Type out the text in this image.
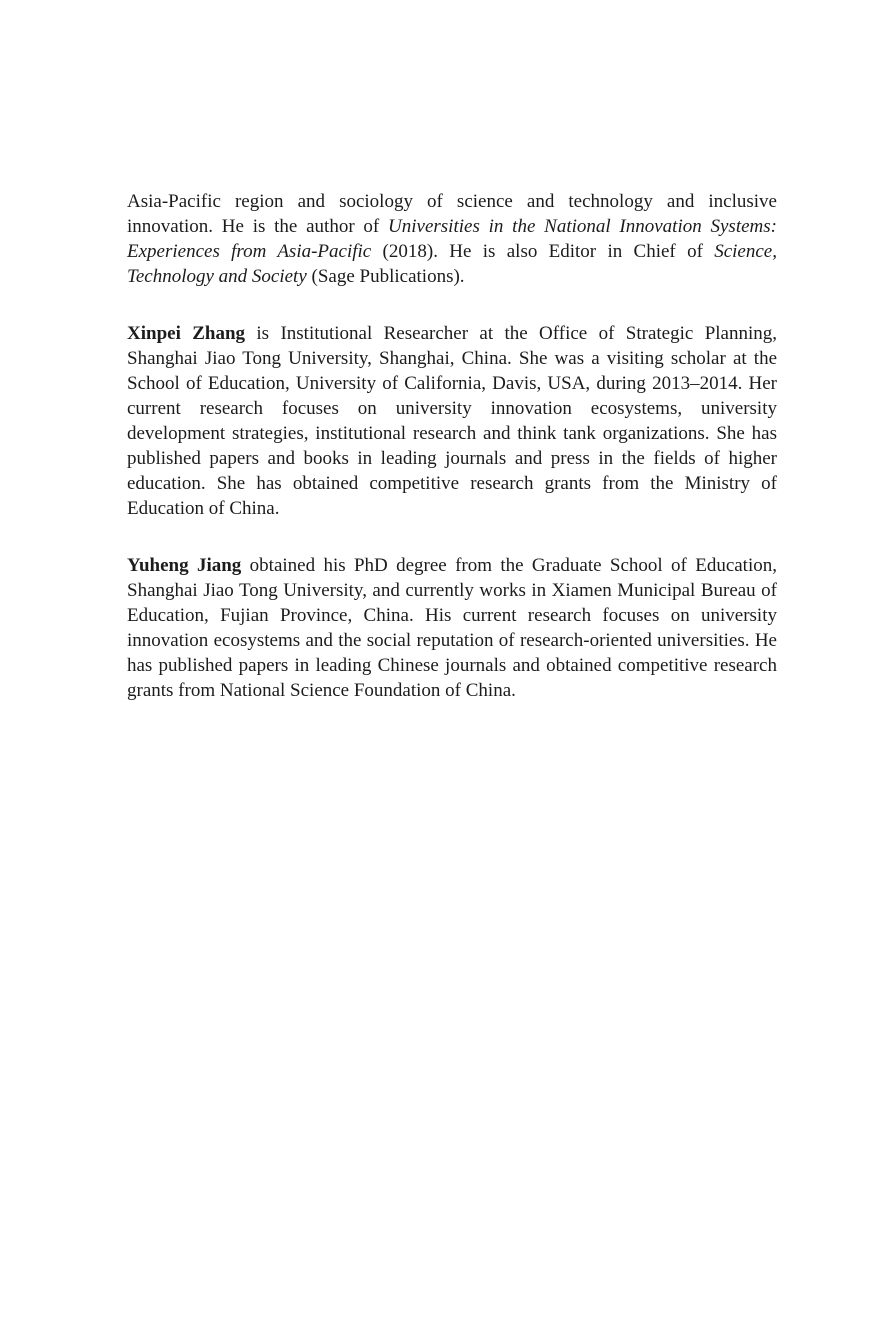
Asia-Pacific region and sociology of science and technology and inclusive innovation. He is the author of Universities in the National Innovation Systems: Experiences from Asia-Pacific (2018). He is also Editor in Chief of Science, Technology and Society (Sage Publications).

Xinpei Zhang is Institutional Researcher at the Office of Strategic Planning, Shanghai Jiao Tong University, Shanghai, China. She was a visiting scholar at the School of Education, University of California, Davis, USA, during 2013–2014. Her current research focuses on university innovation ecosystems, university development strategies, institutional research and think tank organizations. She has published papers and books in leading journals and press in the fields of higher education. She has obtained competitive research grants from the Ministry of Education of China.

Yuheng Jiang obtained his PhD degree from the Graduate School of Education, Shanghai Jiao Tong University, and currently works in Xiamen Municipal Bureau of Education, Fujian Province, China. His current research focuses on university innovation ecosystems and the social reputation of research-oriented universities. He has published papers in leading Chinese journals and obtained competitive research grants from National Science Foundation of China.
